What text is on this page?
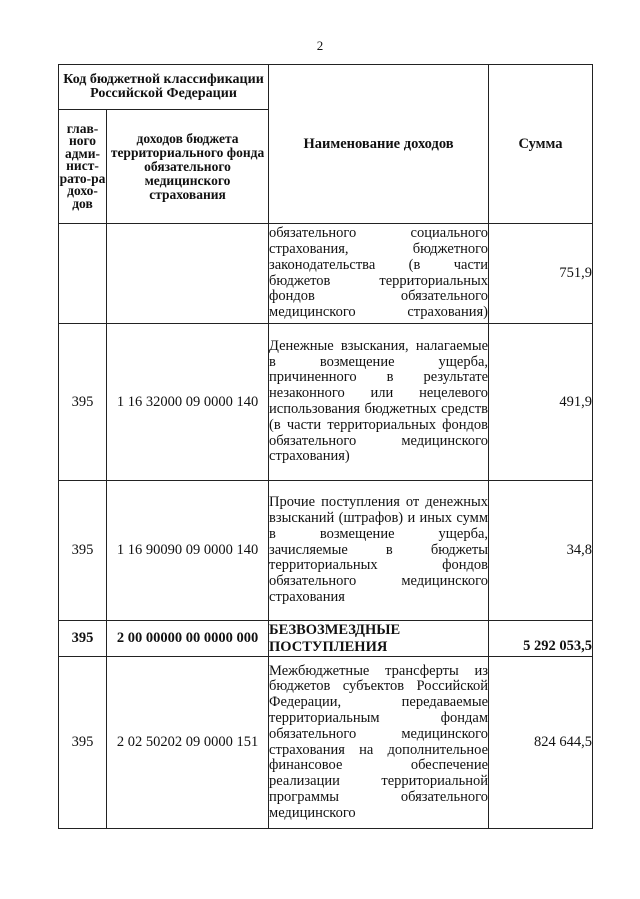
2
Код бюджетной классификации Российской Федерации		Наименование доходов	Сумма
глав-ного адми-нист-рато-ра дохо-дов	доходов бюджета территориального фонда обязательного медицинского страхования		
		обязательного социального страхования, бюджетного законодательства (в части бюджетов территориальных фондов обязательного медицинского страхования)	751,9
395	1 16 32000 09 0000 140	Денежные взыскания, налагаемые в возмещение ущерба, причиненного в результате незаконного или нецелевого использования бюджетных средств (в части территориальных фондов обязательного медицинского страхования)	491,9
395	1 16 90090 09 0000 140	Прочие поступления от денежных взысканий (штрафов) и иных сумм в возмещение ущерба, зачисляемые в бюджеты территориальных фондов обязательного медицинского страхования	34,8
395	2 00 00000 00 0000 000	БЕЗВОЗМЕЗДНЫЕ ПОСТУПЛЕНИЯ	5 292 053,5
395	2 02 50202 09 0000 151	Межбюджетные трансферты из бюджетов субъектов Российской Федерации, передаваемые территориальным фондам обязательного медицинского страхования на дополнительное финансовое обеспечение реализации территориальной программы обязательного медицинского	824 644,5
